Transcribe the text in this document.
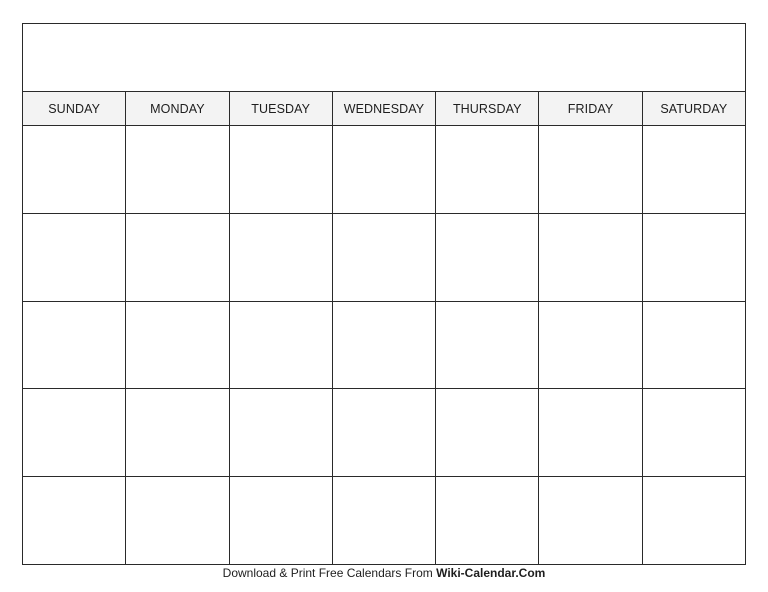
SUNDAY	MONDAY	TUESDAY	WEDNESDAY	THURSDAY	FRIDAY	SATURDAY
Download & Print Free Calendars From Wiki-Calendar.Com
